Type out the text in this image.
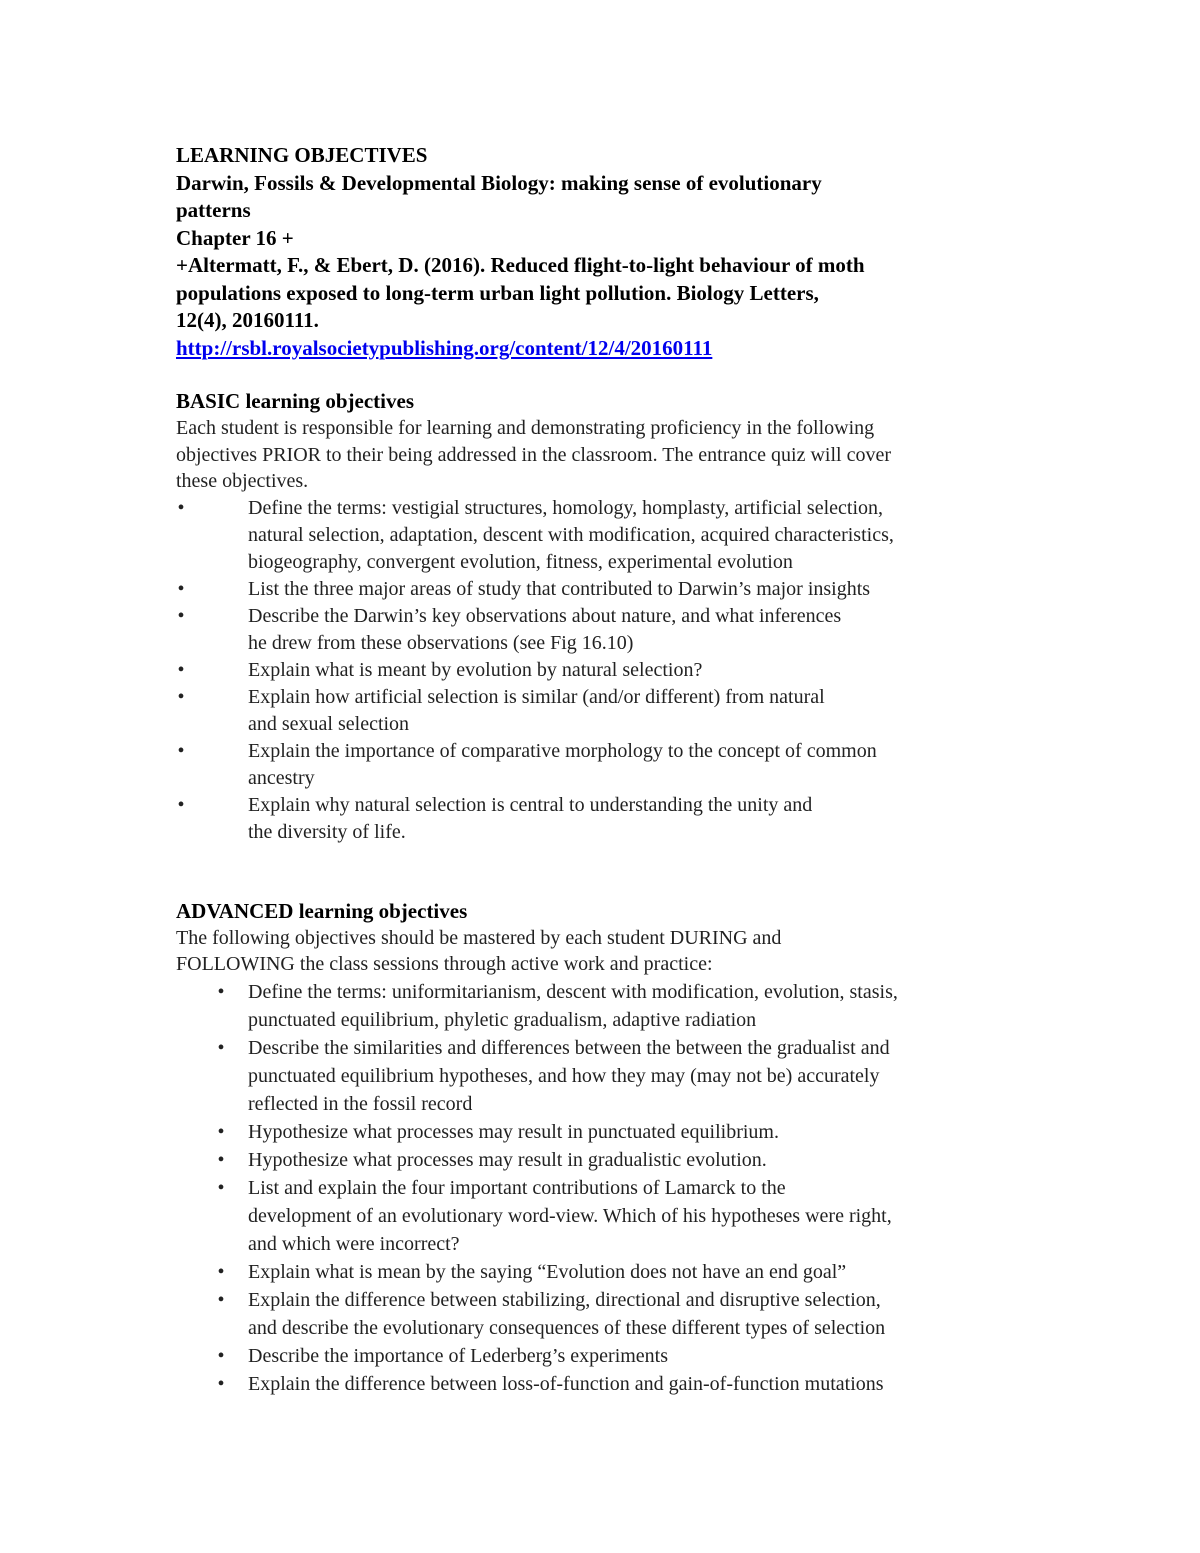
LEARNING OBJECTIVES

Darwin, Fossils & Developmental Biology: making sense of evolutionary

patterns

Chapter 16 +

+Altermatt, F., & Ebert, D. (2016). Reduced flight-to-light behaviour of moth

populations exposed to long-term urban light pollution. Biology Letters,

12(4), 20160111.

http://rsbl.royalsocietypublishing.org/content/12/4/20160111

BASIC learning objectives

Each student is responsible for learning and demonstrating proficiency in the following

objectives PRIOR to their being addressed in the classroom. The entrance quiz will cover

these objectives.

•	Define the terms: vestigial structures, homology, homplasty, artificial selection,
natural selection, adaptation, descent with modification, acquired characteristics,
biogeography, convergent evolution, fitness, experimental evolution
•	List the three major areas of study that contributed to Darwin’s major insights
•	Describe the Darwin’s key observations about nature, and what inferences
he drew from these observations (see Fig 16.10)
•	Explain what is meant by evolution by natural selection?
•	Explain how artificial selection is similar (and/or different) from natural
and sexual selection
•	Explain the importance of comparative morphology to the concept of common
ancestry
•	Explain why natural selection is central to understanding the unity and
the diversity of life.

ADVANCED learning objectives

The following objectives should be mastered by each student DURING and

FOLLOWING the class sessions through active work and practice:

• Define the terms: uniformitarianism, descent with modification, evolution, stasis,
punctuated equilibrium, phyletic gradualism, adaptive radiation
• Describe the similarities and differences between the between the gradualist and
punctuated equilibrium hypotheses, and how they may (may not be) accurately
reflected in the fossil record
• Hypothesize what processes may result in punctuated equilibrium.
• Hypothesize what processes may result in gradualistic evolution.
• List and explain the four important contributions of Lamarck to the
development of an evolutionary word-view. Which of his hypotheses were right,
and which were incorrect?
• Explain what is mean by the saying “Evolution does not have an end goal”
• Explain the difference between stabilizing, directional and disruptive selection,
and describe the evolutionary consequences of these different types of selection
• Describe the importance of Lederberg’s experiments
• Explain the difference between loss-of-function and gain-of-function mutations
